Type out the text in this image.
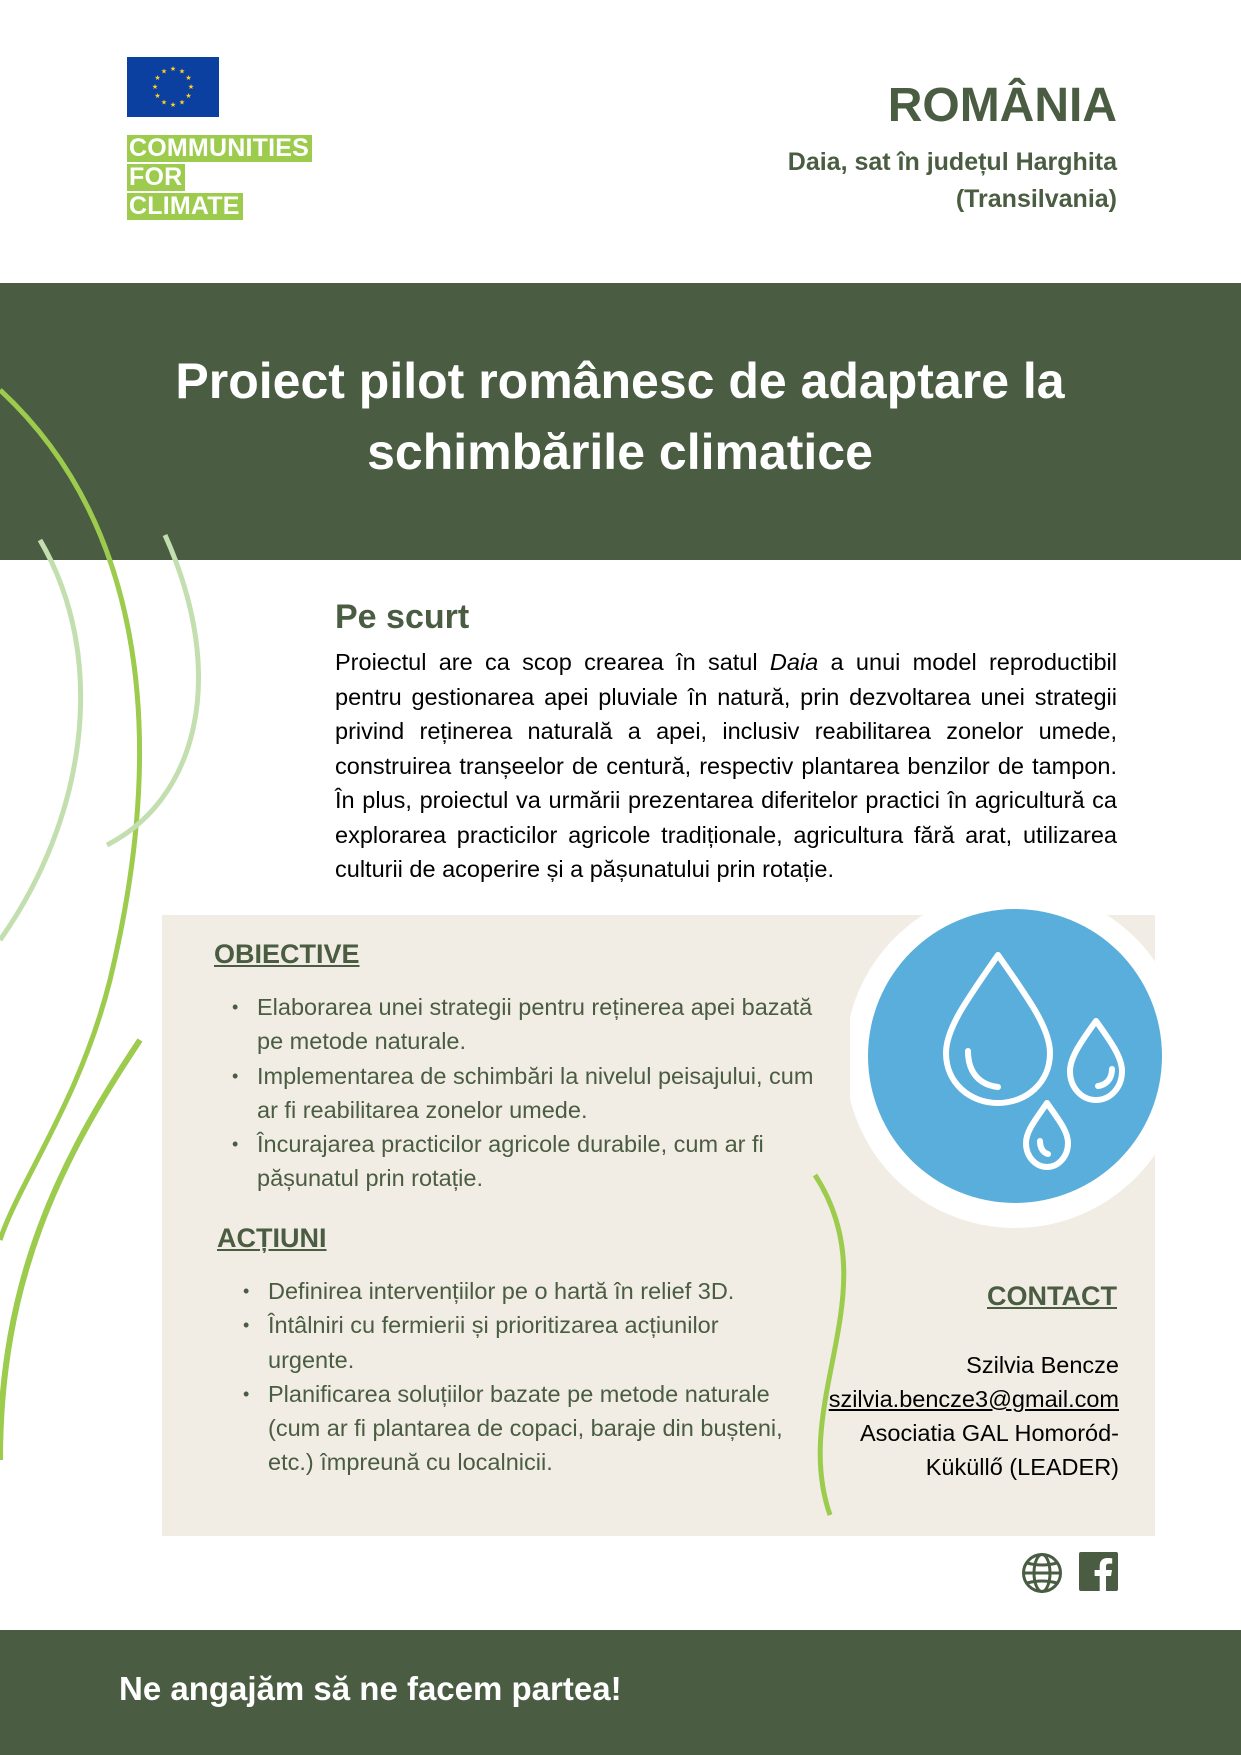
★ ★
★
★
★
★
★
★
★
★
★
★
COMMUNITIES
FOR
CLIMATE
ROMÂNIA
Daia, sat în județul Harghita
(Transilvania)
Proiect pilot românesc de adaptare la
schimbările climatice
Pe scurt

Proiectul are ca scop crearea în satul Daia a unui model reproductibil pentru gestionarea apei pluviale în natură, prin dezvoltarea unei strategii privind reținerea naturală a apei, inclusiv reabilitarea zonelor umede, construirea tranșeelor de centură, respectiv plantarea benzilor de tampon. În plus, proiectul va urmării prezentarea diferitelor practici în agricultură ca explorarea practicilor agricole tradiționale, agricultura fără arat, utilizarea culturii de acoperire și a pășunatului prin rotație.

OBIECTIVE
• Elaborarea unei strategii pentru reținerea apei bazată pe metode naturale.
• Implementarea de schimbări la nivelul peisajului, cum ar fi reabilitarea zonelor umede.
• Încurajarea practicilor agricole durabile, cum ar fi pășunatul prin rotație.
ACȚIUNI
• Definirea intervențiilor pe o hartă în relief 3D.
• Întâlniri cu fermierii și prioritizarea acțiunilor urgente.
• Planificarea soluțiilor bazate pe metode naturale (cum ar fi plantarea de copaci, baraje din bușteni, etc.) împreună cu localnicii.
CONTACT
Szilvia Bencze
szilvia.bencze3@gmail.com
Asociatia GAL Homoród-
Küküllő (LEADER)
Ne angajăm să ne facem partea!
